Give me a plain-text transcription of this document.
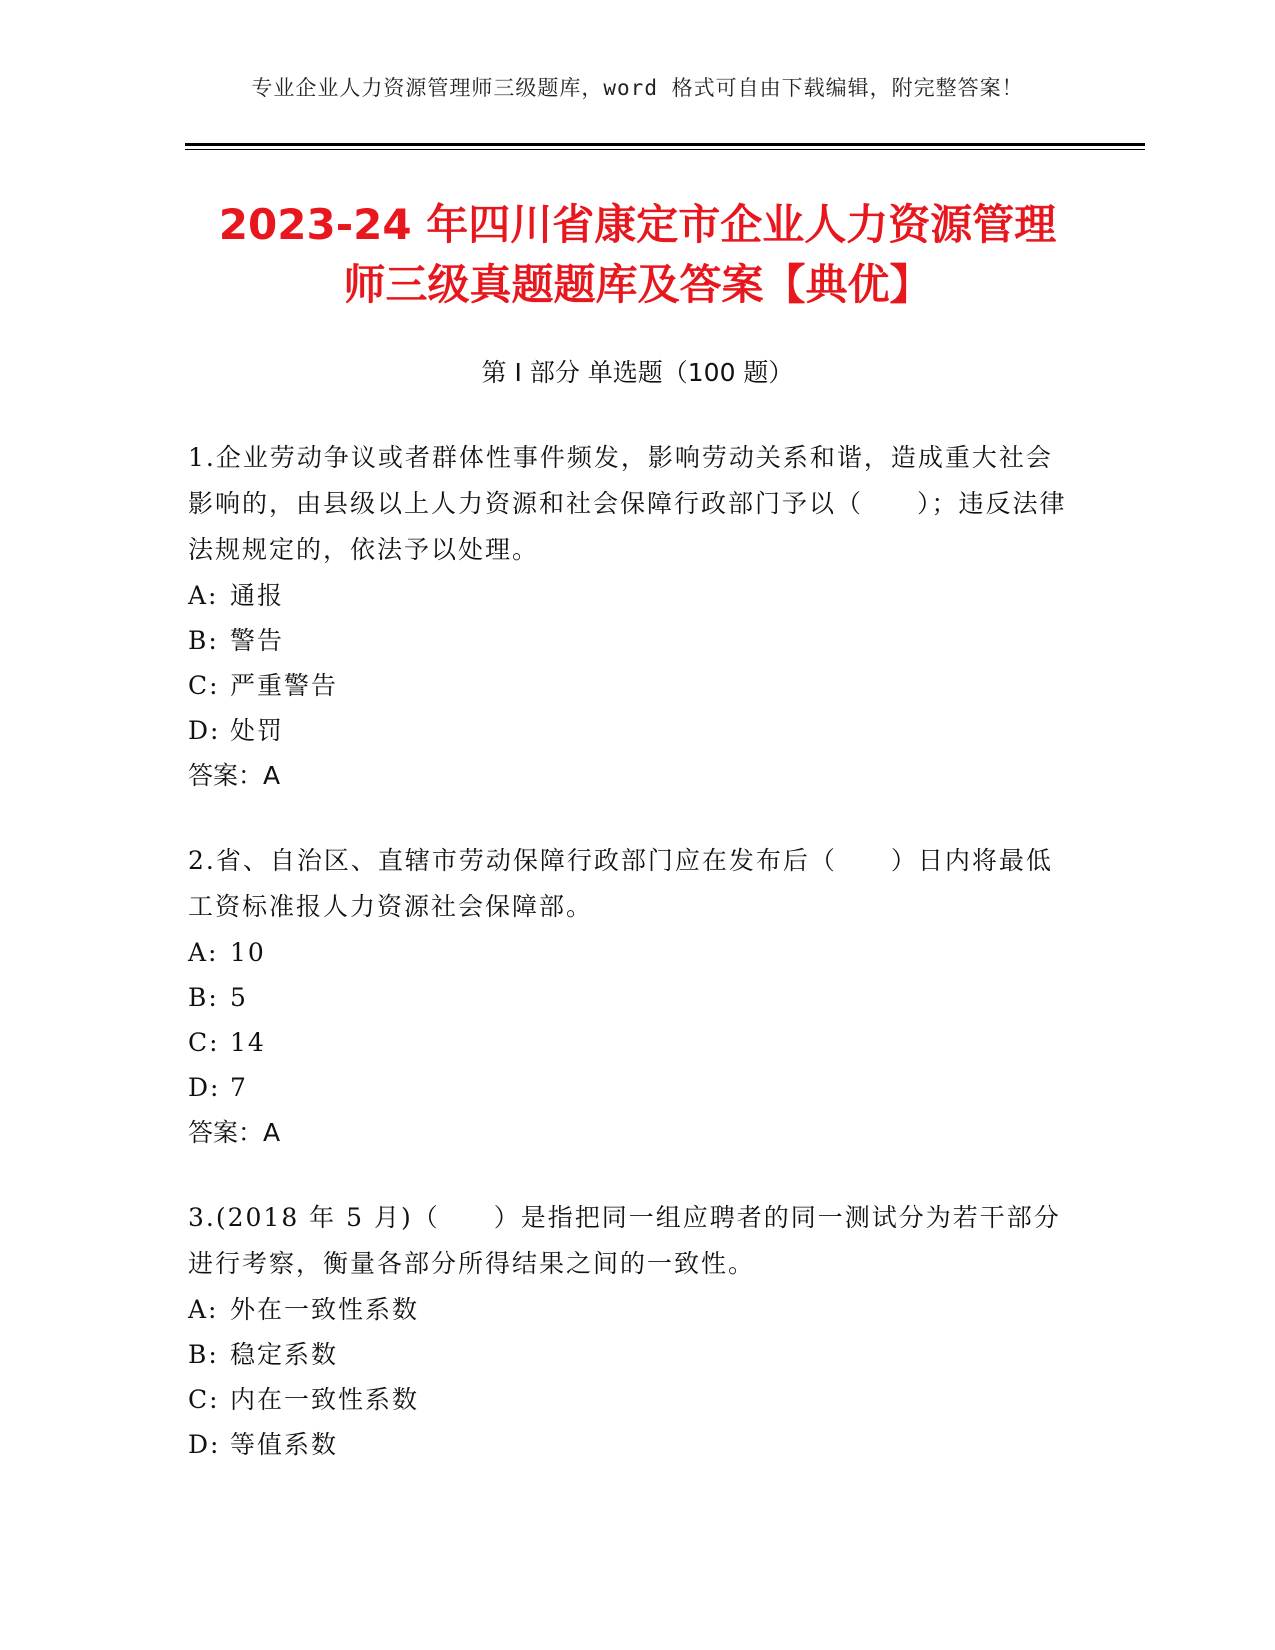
专业企业人力资源管理师三级题库，word 格式可自由下载编辑，附完整答案！
2023-24 年四川省康定市企业人力资源管理
师三级真题题库及答案【典优】
第 I 部分 单选题（100 题）

1.企业劳动争议或者群体性事件频发，影响劳动关系和谐，造成重大社会影响的，由县级以上人力资源和社会保障行政部门予以（　　）；违反法律法规规定的，依法予以处理。

A: 通报
B: 警告
C: 严重警告
D: 处罚
答案：A

2.省、自治区、直辖市劳动保障行政部门应在发布后（　　）日内将最低工资标准报人力资源社会保障部。

A: 10
B: 5
C: 14
D: 7
答案：A

3.(2018 年 5 月)（　　）是指把同一组应聘者的同一测试分为若干部分进行考察，衡量各部分所得结果之间的一致性。

A: 外在一致性系数
B: 稳定系数
C: 内在一致性系数
D: 等值系数
